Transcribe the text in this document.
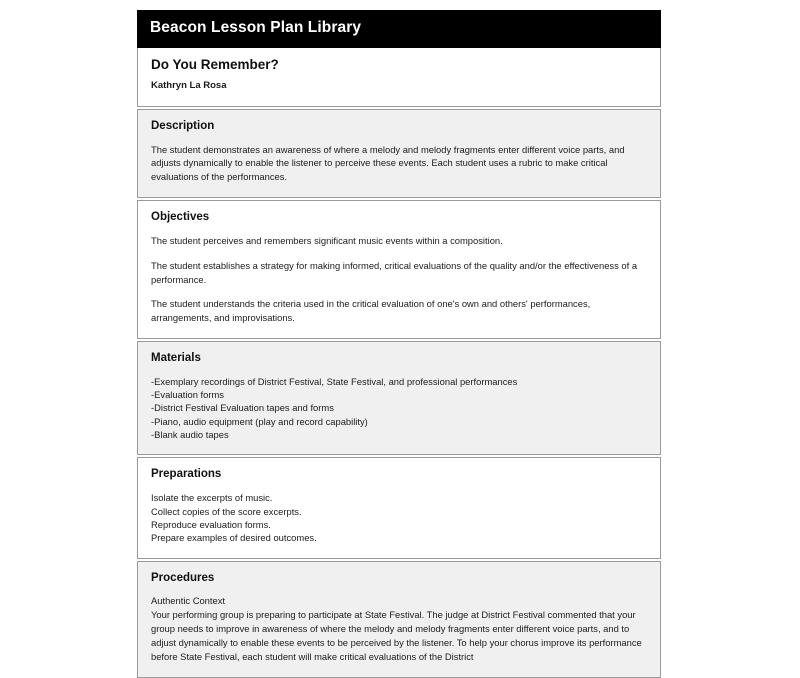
Beacon Lesson Plan Library
Do You Remember?
Kathryn La Rosa
Description

The student demonstrates an awareness of where a melody and melody fragments enter different voice parts, and adjusts dynamically to enable the listener to perceive these events. Each student uses a rubric to make critical evaluations of the performances.

Objectives

The student perceives and remembers significant music events within a composition.

The student establishes a strategy for making informed, critical evaluations of the quality and/or the effectiveness of a performance.

The student understands the criteria used in the critical evaluation of one's own and others' performances, arrangements, and improvisations.

Materials
-Exemplary recordings of District Festival, State Festival, and professional performances
-Evaluation forms
-District Festival Evaluation tapes and forms
-Piano, audio equipment (play and record capability)
-Blank audio tapes
Preparations
Isolate the excerpts of music.
Collect copies of the score excerpts.
Reproduce evaluation forms.
Prepare examples of desired outcomes.
Procedures

Authentic Context

Your performing group is preparing to participate at State Festival. The judge at District Festival commented that your group needs to improve in awareness of where the melody and melody fragments enter different voice parts, and to adjust dynamically to enable these events to be perceived by the listener. To help your chorus improve its performance before State Festival, each student will make critical evaluations of the District
